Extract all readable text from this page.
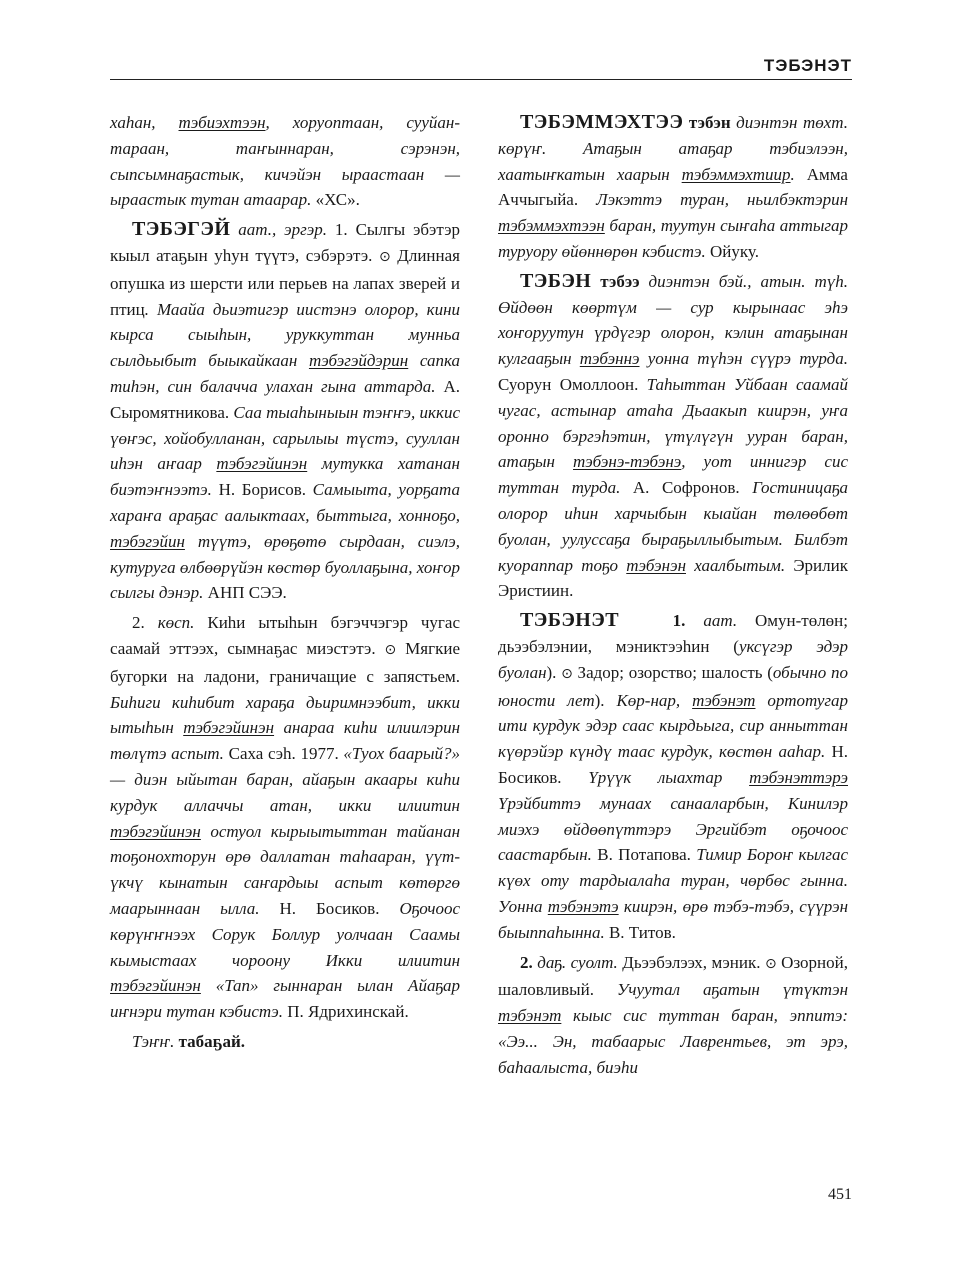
ТЭБЭНЭТ

хаһан, тэбиэхтээн, хоруоптаан, сууйан-тараан, таҥыннаран, сэрэнэн, сыпсымнаҕастык, кичэйэн ыраастаан — ыраастык тутан атаарар. «ХС».

ТЭБЭГЭЙ аат., эргэр. 1. Сылгы эбэтэр кыыл атаҕын уһун түүтэ, сэбэрэтэ. ⊙ Длинная опушка из шерсти или перьев на лапах зверей и птиц. Маайа дьиэтигэр иистэнэ олорор, кини кырса сыыһын, уруккуттан мунньа сылдьыбыт быыкайкаан тэбэгэйдэрин сапка тиһэн, син балачча улахан гына аттарда. А. Сыромятникова. Саа тыаһыныын тэҥҥэ, иккис үөҥэс, хойобулланан, сарылыы түстэ, сууллан иһэн аҥаар тэбэгэйинэн мутукка хатанан биэтэҥнээтэ. Н. Борисов. Самыыта, уорҕата хараҥа араҕас аалыктаах, быттыга, хонноҕо, тэбэгэйин түүтэ, өрөҕөтө сырдаан, сиэлэ, кутуруга өлбөөрүйэн көстөр буоллаҕына, хоҥор сылгы дэнэр. АНП СЭЭ.

2. көсп. Киһи ытыһын бэгэччэгэр чугас саамай эттээх, сымнаҕас миэстэтэ. ⊙ Мягкие бугорки на ладони, граничащие с запястьем. Биһиги киһибит хараҕа дьиримнээбит, икки ытыһын тэбэгэйинэн анараа киһи илиилэрин төлүтэ аспыт. Саха сэһ. 1977. «Туох баарый?» — диэн ыйытан баран, айаҕын акаары киһи курдук аллаччы атан, икки илиитин тэбэгэйинэн остуол кырыытыттан тайанан тоҕонохторун өрө даллатан таһааран, үүт-үкчү кынатын саҥардыы аспыт көтөргө маарыннаан ылла. Н. Босиков. Оҕочоос көрүҥҥнээх Сорук Боллур уолчаан Саамы кымыстаах чороону Икки илиитин тэбэгэйинэн «Тап» гыннаран ылан Айаҕар иҥнэри тутан кэбистэ. П. Ядрихинскай.

Тэҥҥ. табаҕай.

ТЭБЭММЭХТЭЭ тэбэн диэнтэн төхт. көрүҥ. Атаҕын атаҕар тэбиэлээн, хаатыҥкатын хаарын тэбэммэхтиир. Амма Аччыгыйа. Лэкэттэ туран, ньилбэктэрин тэбэммэхтээн баран, туутун сыҥаһа аттыгар туруору өйөннөрөн кэбистэ. Ойуку.

ТЭБЭН тэбээ диэнтэн бэй., атын. түһ. Өйдөөн көөртүм — сур кырынаас эһэ хоҥоруутун үрдүгэр олорон, кэлин атаҕынан кулгааҕын тэбэннэ уонна түһэн сүүрэ турда. Суорун Омоллоон. Таһыттан Уйбаан саамай чугас, астынар атаһа Дьаакып киирэн, уҥа оронно бэргэһэтин, үтүлүгүн ууран баран, атаҕын тэбэнэ-тэбэнэ, уот иннигэр сис туттан турда. А. Софронов. Гостиницаҕа олорор иһин харчыбын кыайан төлөөбөт буолан, уулуссаҕа быраҕыллыбытым. Билбэт куораппар тоҕо тэбэнэн хаалбытым. Эрилик Эристиин.

ТЭБЭНЭТ	1. аат. Омун-төлөн; дьээбэлэнии, мэниктээһин (уксүгэр эдэр буолан). ⊙ Задор; озорство; шалость (обычно по юности лет). Көр-нар, тэбэнэт ортотугар ити курдук эдэр саас кырдьыга, сир анныттан күөрэйэр күндү таас курдук, көстөн ааһар. Н. Босиков. Үрүүк лыахтар тэбэнэттэрэ Үрэйбиттэ мунаах санааларбын, Кинилэр миэхэ өйдөөпүттэрэ Эргийбэт оҕочоос саастарбын. В. Потапова. Тимир Бороҥ кылгас күөх оту тардыалаһа туран, чөрбөс гынна. Уонна тэбэнэтэ киирэн, өрө тэбэ-тэбэ, сүүрэн быыппаһынна. В. Титов.

2. даҕ. суолт. Дьээбэлээх, мэник. ⊙ Озорной, шаловливый. Учуутал аҕатын үтүктэн тэбэнэт кыыс сис туттан баран, эппитэ: «Ээ... Эн, табаарыс Лаврентьев, эт эрэ, баһаалыста, биэһи

451
